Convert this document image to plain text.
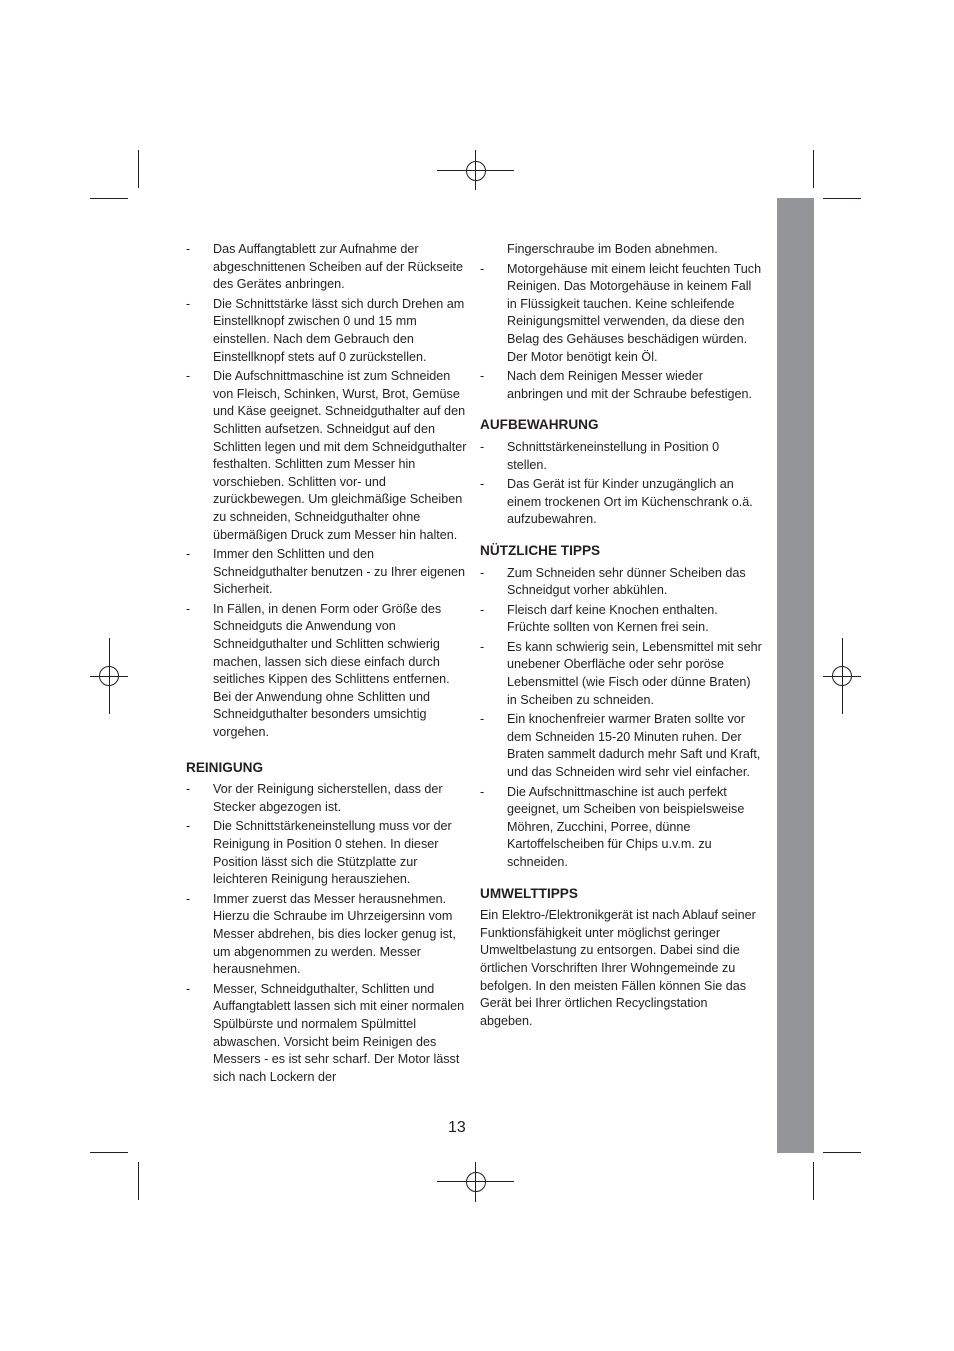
- Das Auffangtablett zur Aufnahme der abgeschnittenen Scheiben auf der Rückseite des Gerätes anbringen.
- Die Schnittstärke lässt sich durch Drehen am Einstellknopf zwischen 0 und 15 mm einstellen. Nach dem Gebrauch den Einstellknopf stets auf 0 zurückstellen.
- Die Aufschnittmaschine ist zum Schneiden von Fleisch, Schinken, Wurst, Brot, Gemüse und Käse geeignet. Schneidguthalter auf den Schlitten aufsetzen. Schneidgut auf den Schlitten legen und mit dem Schneidguthalter festhalten. Schlitten zum Messer hin vorschieben. Schlitten vor- und zurückbewegen. Um gleichmäßige Scheiben zu schneiden, Schneidguthalter ohne übermäßigen Druck zum Messer hin halten.
- Immer den Schlitten und den Schneidguthalter benutzen - zu Ihrer eigenen Sicherheit.
- In Fällen, in denen Form oder Größe des Schneidguts die Anwendung von Schneidguthalter und Schlitten schwierig machen, lassen sich diese einfach durch seitliches Kippen des Schlittens entfernen. Bei der Anwendung ohne Schlitten und Schneidguthalter besonders umsichtig vorgehen.
REINIGUNG
- Vor der Reinigung sicherstellen, dass der Stecker abgezogen ist.
- Die Schnittstärkeneinstellung muss vor der Reinigung in Position 0 stehen. In dieser Position lässt sich die Stützplatte zur leichteren Reinigung herausziehen.
- Immer zuerst das Messer herausnehmen. Hierzu die Schraube im Uhrzeigersinn vom Messer abdrehen, bis dies locker genug ist, um abgenommen zu werden. Messer herausnehmen.
- Messer, Schneidguthalter, Schlitten und Auffangtablett lassen sich mit einer normalen Spülbürste und normalem Spülmittel abwaschen. Vorsicht beim Reinigen des Messers - es ist sehr scharf. Der Motor lässt sich nach Lockern der
Fingerschraube im Boden abnehmen.
- Motorgehäuse mit einem leicht feuchten Tuch Reinigen. Das Motorgehäuse in keinem Fall in Flüssigkeit tauchen. Keine schleifende Reinigungsmittel verwenden, da diese den Belag des Gehäuses beschädigen würden. Der Motor benötigt kein Öl.
- Nach dem Reinigen Messer wieder anbringen und mit der Schraube befestigen.
AUFBEWAHRUNG
- Schnittstärkeneinstellung in Position 0 stellen.
- Das Gerät ist für Kinder unzugänglich an einem trockenen Ort im Küchenschrank o.ä. aufzubewahren.
NÜTZLICHE TIPPS
- Zum Schneiden sehr dünner Scheiben das Schneidgut vorher abkühlen.
- Fleisch darf keine Knochen enthalten. Früchte sollten von Kernen frei sein.
- Es kann schwierig sein, Lebensmittel mit sehr unebener Oberfläche oder sehr poröse Lebensmittel (wie Fisch oder dünne Braten) in Scheiben zu schneiden.
- Ein knochenfreier warmer Braten sollte vor dem Schneiden 15-20 Minuten ruhen. Der Braten sammelt dadurch mehr Saft und Kraft, und das Schneiden wird sehr viel einfacher.
- Die Aufschnittmaschine ist auch perfekt geeignet, um Scheiben von beispielsweise Möhren, Zucchini, Porree, dünne Kartoffelscheiben für Chips u.v.m. zu schneiden.
UMWELTTIPPS

Ein Elektro-/Elektronikgerät ist nach Ablauf seiner Funktionsfähigkeit unter möglichst geringer Umweltbelastung zu entsorgen. Dabei sind die örtlichen Vorschriften Ihrer Wohngemeinde zu befolgen. In den meisten Fällen können Sie das Gerät bei Ihrer örtlichen Recyclingstation abgeben.

13
